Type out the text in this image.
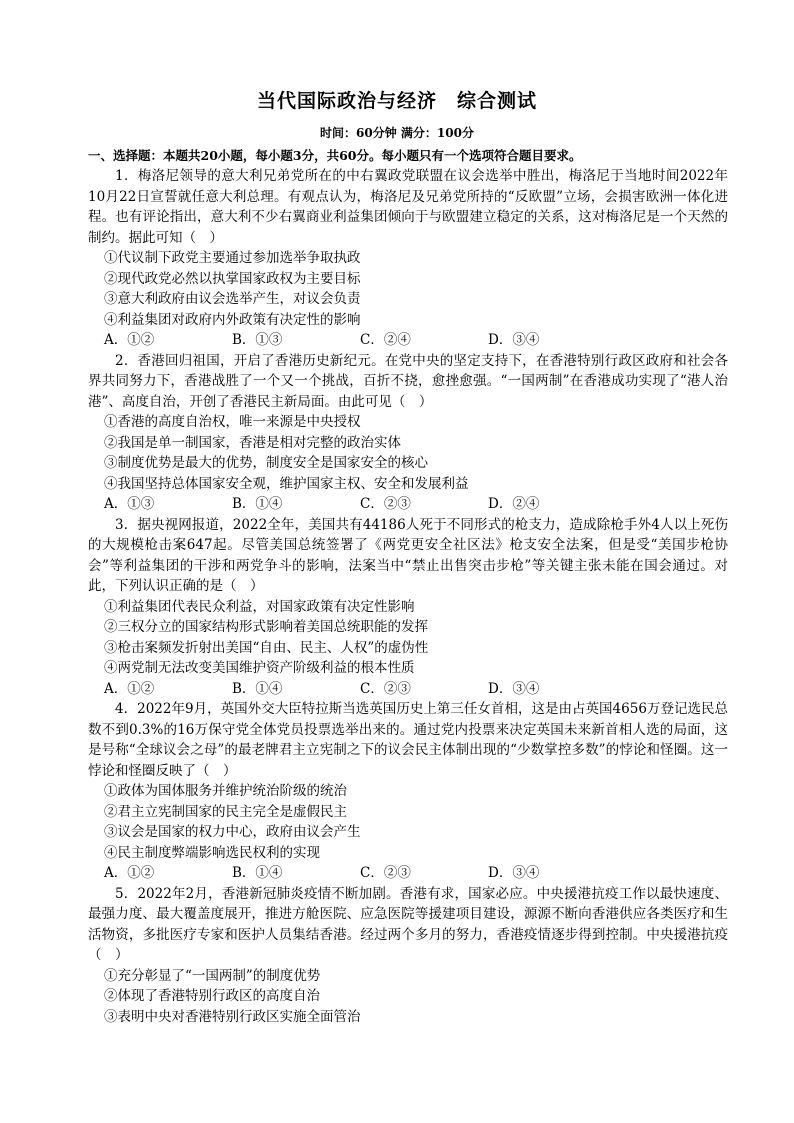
当代国际政治与经济　综合测试
时间：60分钟 满分：100分
一、选择题：本题共20小题，每小题3分，共60分。每小题只有一个选项符合题目要求。

1．梅洛尼领导的意大利兄弟党所在的中右翼政党联盟在议会选举中胜出，梅洛尼于当地时间2022年10月22日宣誓就任意大利总理。有观点认为，梅洛尼及兄弟党所持的“反欧盟”立场，会损害欧洲一体化进程。也有评论指出，意大利不少右翼商业利益集团倾向于与欧盟建立稳定的关系，这对梅洛尼是一个天然的制约。据此可知（　）

①代议制下政党主要通过参加选举争取执政

②现代政党必然以执掌国家政权为主要目标

③意大利政府由议会选举产生，对议会负责

④利益集团对政府内外政策有决定性的影响

A．①②	B．①③	C．②④	D．③④

2．香港回归祖国，开启了香港历史新纪元。在党中央的坚定支持下，在香港特别行政区政府和社会各界共同努力下，香港战胜了一个又一个挑战，百折不挠，愈挫愈强。“一国两制”在香港成功实现了“港人治港”、高度自治，开创了香港民主新局面。由此可见（　）

①香港的高度自治权，唯一来源是中央授权

②我国是单一制国家，香港是相对完整的政治实体

③制度优势是最大的优势，制度安全是国家安全的核心

④我国坚持总体国家安全观，维护国家主权、安全和发展利益

A．①③	B．①④	C．②③	D．②④

3．据央视网报道，2022全年，美国共有44186人死于不同形式的枪支力，造成除枪手外4人以上死伤的大规模枪击案647起。尽管美国总统签署了《两党更安全社区法》枪支安全法案，但是受“美国步枪协会”等利益集团的干涉和两党争斗的影响，法案当中“禁止出售突击步枪”等关键主张未能在国会通过。对此，下列认识正确的是（　）

①利益集团代表民众利益，对国家政策有决定性影响

②三权分立的国家结构形式影响着美国总统职能的发挥

③枪击案频发折射出美国“自由、民主、人权”的虚伪性

④两党制无法改变美国维护资产阶级利益的根本性质

A．①②	B．①④	C．②③	D．③④

4．2022年9月，英国外交大臣特拉斯当选英国历史上第三任女首相，这是由占英国4656万登记选民总数不到0.3%的16万保守党全体党员投票选举出来的。通过党内投票来决定英国未来新首相人选的局面，这是号称“全球议会之母”的最老牌君主立宪制之下的议会民主体制出现的“少数掌控多数”的悖论和怪圈。这一悖论和怪圈反映了（　）

①政体为国体服务并维护统治阶级的统治

②君主立宪制国家的民主完全是虚假民主

③议会是国家的权力中心，政府由议会产生

④民主制度弊端影响选民权利的实现

A．①②	B．①④	C．②③	D．③④

5．2022年2月，香港新冠肺炎疫情不断加剧。香港有求，国家必应。中央援港抗疫工作以最快速度、最强力度、最大覆盖度展开，推进方舱医院、应急医院等援建项目建设，源源不断向香港供应各类医疗和生活物资，多批医疗专家和医护人员集结香港。经过两个多月的努力，香港疫情逐步得到控制。中央援港抗疫（　）

①充分彰显了“一国两制”的制度优势

②体现了香港特别行政区的高度自治

③表明中央对香港特别行政区实施全面管治
